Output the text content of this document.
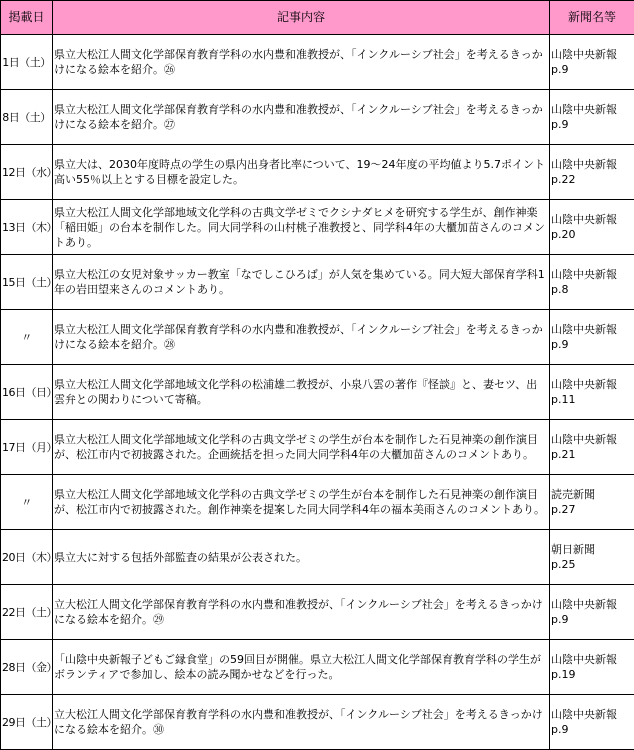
掲載日	記事内容	新聞名等
1日（土）	県立大松江人間文化学部保育教育学科の水内豊和准教授が、「インクルーシブ社会」を考えるきっかけになる絵本を紹介。㉖	山陰中央新報
p.9

8日（土）	県立大松江人間文化学部保育教育学科の水内豊和准教授が、「インクルーシブ社会」を考えるきっかけになる絵本を紹介。㉗	山陰中央新報
p.9

12日（水）	県立大は、2030年度時点の学生の県内出身者比率について、19～24年度の平均値より5.7ポイント高い55％以上とする目標を設定した。	山陰中央新報
p.22

13日（木）	県立大松江人間文化学部地域文化学科の古典文学ゼミでクシナダヒメを研究する学生が、創作神楽「稲田姫」の台本を制作した。同大同学科の山村桃子准教授と、同学科4年の大櫃加苗さんのコメントあり。	山陰中央新報
p.20

15日（土）	県立大松江の女児対象サッカー教室「なでしこひろば」が人気を集めている。同大短大部保育学科1年の岩田望来さんのコメントあり。	山陰中央新報
p.8

〃	県立大松江人間文化学部保育教育学科の水内豊和准教授が、「インクルーシブ社会」を考えるきっかけになる絵本を紹介。㉘	山陰中央新報
p.9

16日（日）	県立大松江人間文化学部地域文化学科の松浦雄二教授が、小泉八雲の著作『怪談』と、妻セツ、出雲弁との関わりについて寄稿。	山陰中央新報
p.11

17日（月）	県立大松江人間文化学部地域文化学科の古典文学ゼミの学生が台本を制作した石見神楽の創作演目が、松江市内で初披露された。企画統括を担った同大同学科4年の大櫃加苗さんのコメントあり。	山陰中央新報
p.21

〃	県立大松江人間文化学部地域文化学科の古典文学ゼミの学生が台本を制作した石見神楽の創作演目が、松江市内で初披露された。創作神楽を提案した同大同学科4年の福本美雨さんのコメントあり。	読売新聞
p.27

20日（木）	県立大に対する包括外部監査の結果が公表された。	朝日新聞
p.25

22日（土）	立大松江人間文化学部保育教育学科の水内豊和准教授が、「インクルーシブ社会」を考えるきっかけになる絵本を紹介。㉙	山陰中央新報
p.9

28日（金）	「山陰中央新報子どもご縁食堂」の59回目が開催。県立大松江人間文化学部保育教育学科の学生がボランティアで参加し、絵本の読み聞かせなどを行った。	山陰中央新報
p.19

29日（土）	立大松江人間文化学部保育教育学科の水内豊和准教授が、「インクルーシブ社会」を考えるきっかけになる絵本を紹介。㉚	山陰中央新報
p.9
